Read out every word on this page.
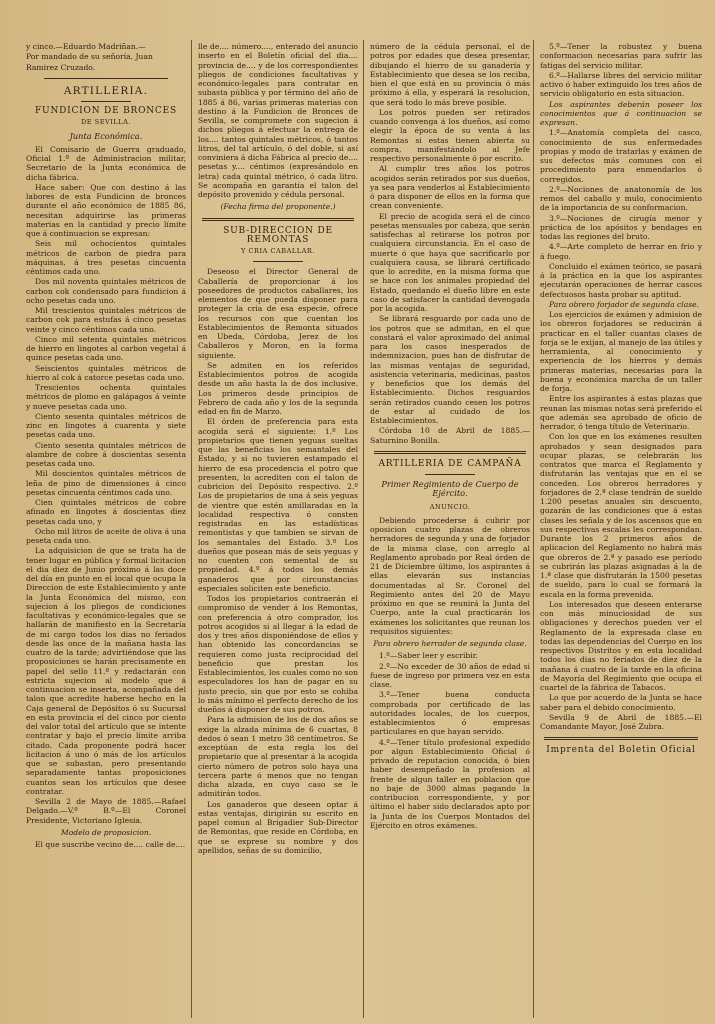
y cinco.—Eduardo Madriñan.—

Por mandado de su señoría, Juan

Ramirez Cruzado.

ARTILLERIA.
FUNDICION DE BRONCES
DE SEVILLA.
Junta Económica.

El Comisario de Guerra graduado, Oficial 1.º de Administracion militar, Secretario de la Junta económica de dicha fábrica.

Hace saber: Que con destino á las labores de esta Fundicion de bronces durante el año económico de 1885 86, necesitan adquirirse las primeras materias en la cantidad y precio límite que á continuacion se expresan:

Seis mil ochocientos quintales métricos de carbon de piedra para máquinas, á tres pesetas cincuenta céntimos cada uno.

Dos mil noventa quintales métricos de carbon cok condensado para fundicion á ocho pesetas cada uno.

Mil trescientos quintales métricos de carbon cok para estufas á cinco pesetas veinte y cinco céntimos cada uno.

Cinco mil setenta quintales métricos de hierro en lingotes al carbon vegetal á quince pesetas cada uno.

Seiscientos quintales métricos de hierro al cok á catorce pesetas cada uno.

Trescientos ochenta quintales métricos de plomo en galápagos á veinte y nueve pesetas cada uno.

Ciento sesenta quintales métricos de zinc en lingotes á cuarenta y siete pesetas cada uno.

Ciento sesenta quintales métricos de alambre de cobre á doscientas sesenta pesetas cada uno.

Mil doscientos quintales métricos de leña de pino de dimensiones á cinco pesetas cincuenta céntimos cada uno.

Cien quintales métricos de cobre afinado en lingotes á doscientas diez pesetas cada uno, y

Ocho mil litros de aceite de oliva á una peseta cada uno.

La adquisicion de que se trata ha de tener lugar en pública y formal licitacion el dia diez de Junio próximo á las doce del día en punto en el local que ocupa la Direccion de este Establecimiento y ante la Junta Económica del mismo, con sujecion á los pliegos de condiciones facultativas y económico-legales que se hallarán de manifiesto en la Secretaría de mi cargo todos los dias no feriados desde las once de la mañana hasta las cuatro de la tarde; advirtiéndose que las proposiciones se harán precisamente en papel del sello 11.º y redactarán con estricta sujecion al modelo que á continuacion se inserta, acompañada del talon que acredite haberse hecho en la Caja general de Depósitos ó su Sucursal en esta provincia el del cinco por ciento del valor total del artículo que se intente contratar y bajo el precio límite arriba citado. Cada proponente podrá hacer licitacion á uno ó más de los artículos que se subastan, pero presentando separadamente tantas proposiciones cuantos sean los artículos que desee contratar.

Sevilla 2 de Mayo de 1885.—Rafael Delgado.—V.º B.º—El Coronel Presidente, Victoriano Iglesia.

Modelo de proposicion.

El que suscribe vecino de.... calle de....

lle de.... número...., enterado del anuncio inserto en el Boletín oficial del dia.... provincia de.... y de los correspondientes pliegos de condiciones facultativas y económico-legales para contratar en subasta pública y por término del año de 1885 á 86, varias primeras materias con destino á la Fundicion de Bronces de Sevilla, se compromete con sugecion á dichos pliegos á efectuar la entrega de los.... tantos quintales métricos, ó tantos litros, del tal artículo, ó del doble, si así conviniera á dicha Fábrica al precio de.... pesetas y.... céntimos (expresándolo en letra) cada quintal métrico, ó cada litro. Se acompaña en garantía el talon del depósito provenido y cédula personal.

(Fecha firma del proponente.)
SUB-DIRECCION DE REMONTAS
Y CRIA CABALLAR.

Deseoso el Director General de Caballería de proporcionar á los poseedores de productos caballares, los elementos de que pueda disponer para proteger la cria de esa especie, ofrece los recursos con que cuentan los Establecimientos de Remonta situados en Ubeda, Córdoba, Jerez de los Caballeros y Moron, en la forma siguiente.

Se admiten en los referidos Establecimientos potros de acogida desde un año hasta la de dos inclusive. Los primeros desde principios de Febrero de cada año y los de la segunda edad en fin de Marzo.

El órden de preferencia para esta acogida será el siguiente: 1.º Los propietarios que tienen yeguas sueltas que las beneficias los semantales del Estado, y si no tuvieren estampado el hierro de esa procedencia el potro que presenten, lo acrediten con el talon de cubricion del Depósito respectivo. 2.º Los de propietarios de una á seis yeguas de vientre que estén amillaradas en la localidad respectiva ó consten registradas en las estadísticas remontistas y que tambien se sirvan de los semantales del Estado. 3.º Los dueños que posean más de seis yeguas y no cuenten con semental de su propiedad. 4.º á todos los demás ganaderos que por circunstancias especiales soliciten este beneficio.

Todos los propietarios contraerán el compromiso de vender á los Remontas, con preferencia á otro comprador, los potros acogidos si al llegar á la edad de dos y tres años disponiéndose de ellos y han obtenido las concordancias se requieren como justa reciprocidad del beneficio que prestan los Establecimientos, los cuales como no son especuladores los han de pagar en su justo precio, sin que por esto se cohiba lo más mínimo el perfecto derecho de los dueños á disponer de sus potros.

Para la admision de los de dos años se exige la alzada mínima de 6 cuartas, 8 dedos ó sean 1 metro 38 centímetros. Se exceptúan de esta regla los del propietario que al presentar á la acogida cierto número de potros solo haya una tercera parte ó menos que no tengan dicha alzada, en cuyo caso se le admitirán todos.

Los ganaderos que deseen optar á estas ventajas, dirigirán su escrito en papel comun al Brigadier Sub-Director de Remontas, que reside en Córdoba, en que se exprese su nombre y dos apellidos, señas de su domicilio,

número de la cédula personal, el de potros por edades que desea presentar, dibujando el hierro de su ganadería y Establecimiento que desea se los reciba, bien el que está en su provincia ó más próximo á ella, y esperará la resolucion, que será todo lo más breve posible.

Los potros pueden ser retirados cuando convenga á los dueños, así como elegir la época de su venta á las Remontas si estas tienen abierta su compra, manifestándolo al Jefe respectivo personalmente ó por escrito.

Al cumplir tres años los potros acogidos serán retirados por sus dueños, ya sea para venderlos al Establecimiento ó para disponer de ellos en la forma que crean conveniente.

El precio de acogida será el de cinco pesetas mensuales por cabeza, que serán satisfechas al retirarse los potros por cualquiera circunstancia. En el caso de muerte ó que haya que sacrificarlo por cualquiera causa, se librará certificado que lo acredite, en la misma forma que se hace con los animales propiedad del Estado, quedando el dueño libre en este caso de satisfacer la cantidad devengada por la acogida.

Se librará resguardo por cada uno de los potros que se admitan, en el que constará el valor aproximado del animal para los casos inesperados de indemnizacion, pues han de disfrutar de las mismas ventajas de seguridad, asistencia veterinaria, medicinas, pastos y beneficios que los demás del Establecimiento. Dichos resguardos serán retirados cuando cesen los potros de estar al cuidado de los Establecimientos.

Córdoba 10 de Abril de 1885.—Saturnino Bonilla.

ARTILLERIA DE CAMPAÑA
Primer Regimiento de Cuerpo de Ejército.
ANUNCIO.

Debiendo procederse á cubrir por oposicion cuatro plazas de obreros herradores de segunda y una de forjador de la misma clase, con arreglo al Reglamento aprobado por Real órden de 21 de Diciembre último, los aspirantes á ellas elevarán sus instancias documentadas al Sr. Coronel del Regimiento antes del 20 de Mayo próximo en que se reunirá la Junta del Cuerpo, ante la cual practicarán los exámenes los solicitantes que reunan los requisitos siguientes:

Para obrero herrador de segunda clase.

1.º—Saber leer y escribir.

2.º—No exceder de 30 años de edad si fuese de ingreso por primera vez en esta clase.

3.º—Tener buena conducta comprobada por certificado de las autoridades locales, de los cuerpos, establecimientos ó empresas particulares en que hayan servido.

4.º—Tener título profesional expedido por algun Establecimiento Oficial ó privado de reputacion conocida, ó bien haber desempeñado la profesion al frente de algun taller en poblacion que no baje de 3000 almas pagando la contribucion correspondiente, y por último el haber sido declarados apto por la Junta de los Cuerpos Montados del Ejército en otros exámenes.

5.º—Tener la robustez y buena conformacion necesarias para sufrir las fatigas del servicio militar.

6.º—Hallarse libres del servicio militar activo ó haber extinguido los tres años de servicio obligatorio en esta situacion.

Los aspirantes deberán poseer los conocimientos que á continuacion se expresan.

1.º—Anatomía completa del casco, conocimiento de sus enfermedades propias y modo de tratarlas y exámen de sus defectos más comunes con el procedimiento para enmendarlos ó corregidos.

2.º—Nociones de anatonomía de los remos del caballo y mulo, conocimiento de la importancia de su conformacion.

3.º—Nociones de cirugía menor y práctica de los apósitos y bendages en todas las regiones del bruto.

4.º—Arte completo de herrar en frio y á fuego.

Concluido el exámen teórico, se pasará á la práctica en la que los aspirantes ejecutarán operaciones de herrar cascos defectuosos hasta probar su aptitud.

Para obrero forjador de segunda clase.

Los ejercicios de exámen y admision de los obreros forjadores se reducirán á practicar en el taller cuantas clases de forja se le exijan, al manejo de las útiles y herramienta, al conocimiento y experiencia de los hierros y demás primeras materias, necesarias para la buena y económica marcha de un taller de forja.

Entre los aspirantes á estas plazas que reunan las mismas notas será preferido el que además sea aprobado de oficio de herrador, ó tenga título de Veterinario.

Con los que en los exámenes resulten aprobados y sean designados para ocupar plazas, se celebrarán los contratos que marca el Reglamento y disfrutarán las ventajas que en el se conceden. Los obreros herradores y forjadores de 2.ª clase tendrán de sueldo 1.200 pesetas anuales sin descuento, gozarán de las condiciones que á estas clases les señala y de los ascensos que en sus respectivas escalas les correspondan. Durante los 2 primeros años de aplicacion del Reglamento no habrá más que obreros de 2.ª y pasado ese período se cubrirán las plazas asignadas á la de 1.ª clase que disfrutarán la 1500 pesetas de sueldo, para lo cual se formará la escala en la forma prevenida.

Los interesados que deseen enterarse con más minuciosidad de sus obligaciones y derechos pueden ver el Reglamento de la expresada clase en todas las dependencias del Cuerpo en los respectivos Distritos y en esta localidad todos los dias no feriados de diez de la mañana á cuatro de la tarde en la oficina de Mayoría del Regimiento que ocupa el cuartel de la fábrica de Tabacos.

Lo que por acuerdo de la Junta se hace saber para el debido conocimiento.

Sevilla 9 de Abril de 1885.—El Comandante Mayor, José Zubra.

Imprenta del Boletin Oficial
